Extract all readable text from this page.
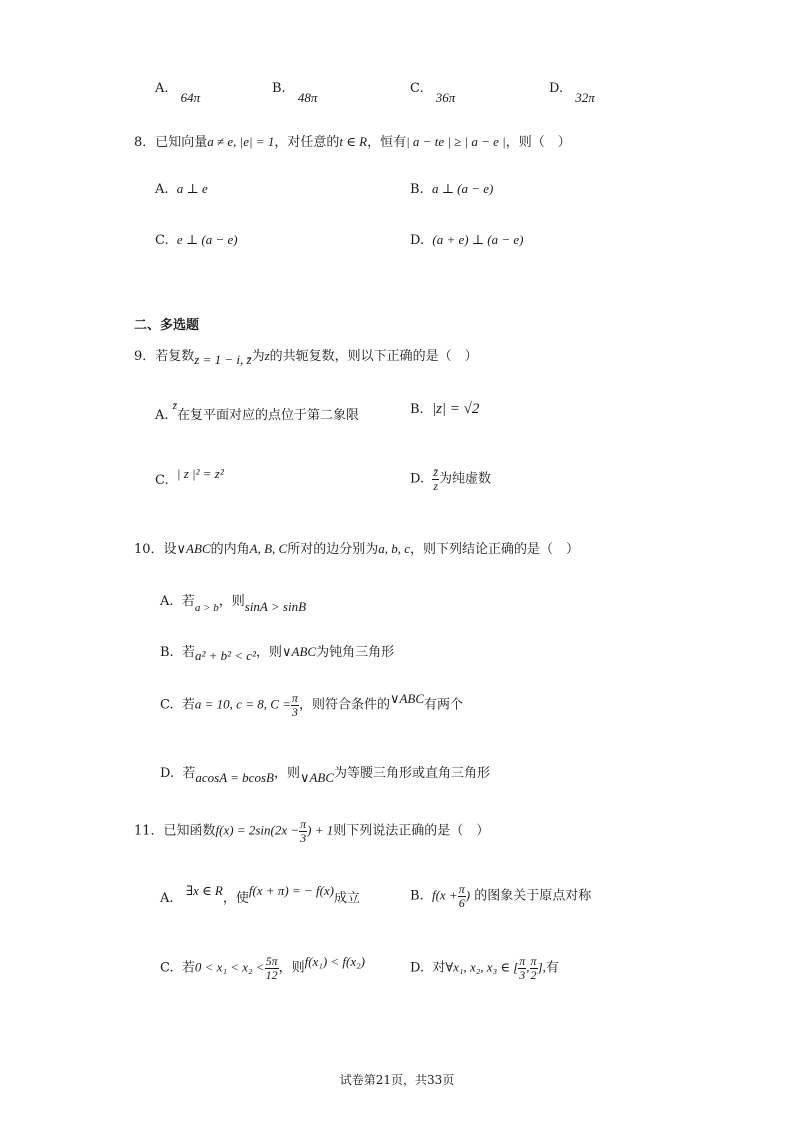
A. 64π
B. 48π
C. 36π
D. 32π
8．已知向量a ≠ e, |e| = 1，对任意的t ∈ R，恒有| a − te | ≥ | a − e |，则（　）
A. a ⊥ e	B. a ⊥ (a − e)
C. e ⊥ (a − e)	D. (a + e) ⊥ (a − e)
二、多选题
9．若复数z = 1 − i, z̄为z的共轭复数，则以下正确的是（　）
A. $^{z̄}$在复平面对应的点位于第二象限	B. |z| = √2
C. | z |² = z²	D. $\frac{z̄}{z}$ 为纯虚数
10．设∨ABC的内角A, B, C所对的边分别为a, b, c，则下列结论正确的是（　）
A. 若$_{a > b}$，则sinA > sinB
B. 若a² + b² < c²，则∨ABC为钝角三角形
C. 若a = 10, c = 8, $C = \frac{\pi}{3}$ ，则符合条件的∨ABC有两个
D. 若acosA = bcosB，则∨ABC为等腰三角形或直角三角形
11．已知函数$f(x) = 2\sin(2x - \frac{\pi}{3}$ ) + 1则下列说法正确的是（　）
A.   ∃x ∈ R，使f(x + π) = − f(x)成立	B. $f(x + \frac{\pi}{6}$ ) 的图象关于原点对称
C. 若$0 < x_1 < x_2 < \frac{5\pi}{12}$ ，则f(x₁) < f(x₂)	D. 对∀x₁, x₂, x₃ ∈ [ $\frac{\pi}{3}$ , $\frac{\pi}{2}$ ],有
试卷第21页，共33页
